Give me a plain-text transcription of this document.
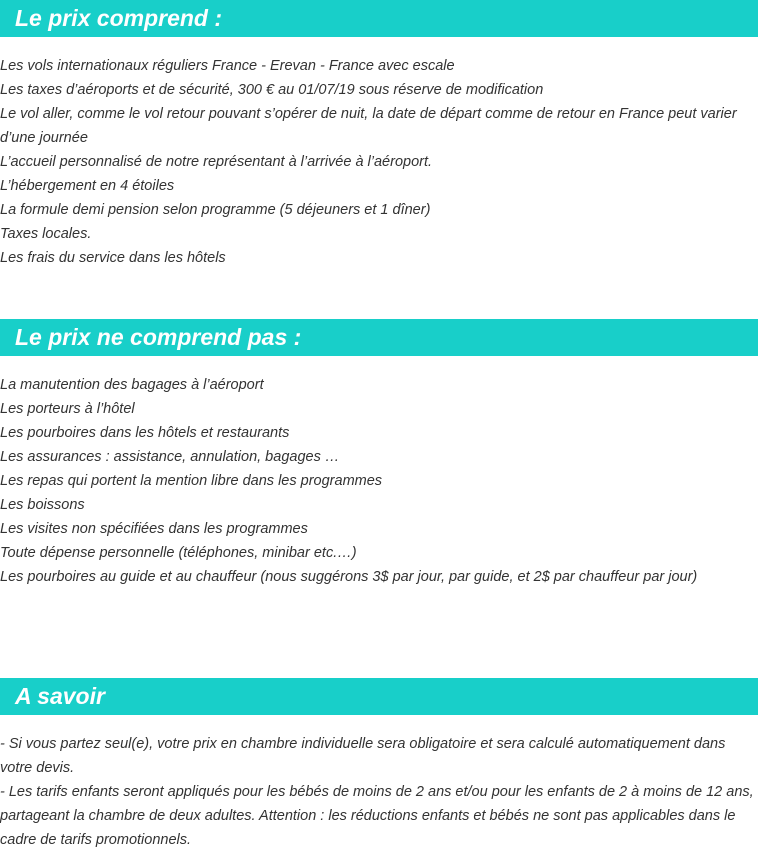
Le prix comprend :
Les vols internationaux réguliers France - Erevan - France avec escale
Les taxes d’aéroports et de sécurité, 300 € au 01/07/19 sous réserve de modification
Le vol aller, comme le vol retour pouvant s’opérer de nuit, la date de départ comme de retour en France peut varier d’une journée
L’accueil personnalisé de notre représentant à l’arrivée à l’aéroport.
L’hébergement en 4 étoiles
La formule demi pension selon programme (5 déjeuners et 1 dîner)
Taxes locales.
Les frais du service dans les hôtels
Le prix ne comprend pas :
La manutention des bagages à l’aéroport
Les porteurs à l’hôtel
Les pourboires dans les hôtels et restaurants
Les assurances : assistance, annulation, bagages …
Les repas qui portent la mention libre dans les programmes
Les boissons
Les visites non spécifiées dans les programmes
Toute dépense personnelle (téléphones, minibar etc.…)
Les pourboires au guide et au chauffeur (nous suggérons 3$ par jour, par guide, et 2$ par chauffeur par jour)
A savoir

- Si vous partez seul(e), votre prix en chambre individuelle sera obligatoire et sera calculé automatiquement dans votre devis.

- Les tarifs enfants seront appliqués pour les bébés de moins de 2 ans et/ou pour les enfants de 2 à moins de 12 ans, partageant la chambre de deux adultes. Attention : les réductions enfants et bébés ne sont pas applicables dans le cadre de tarifs promotionnels.
